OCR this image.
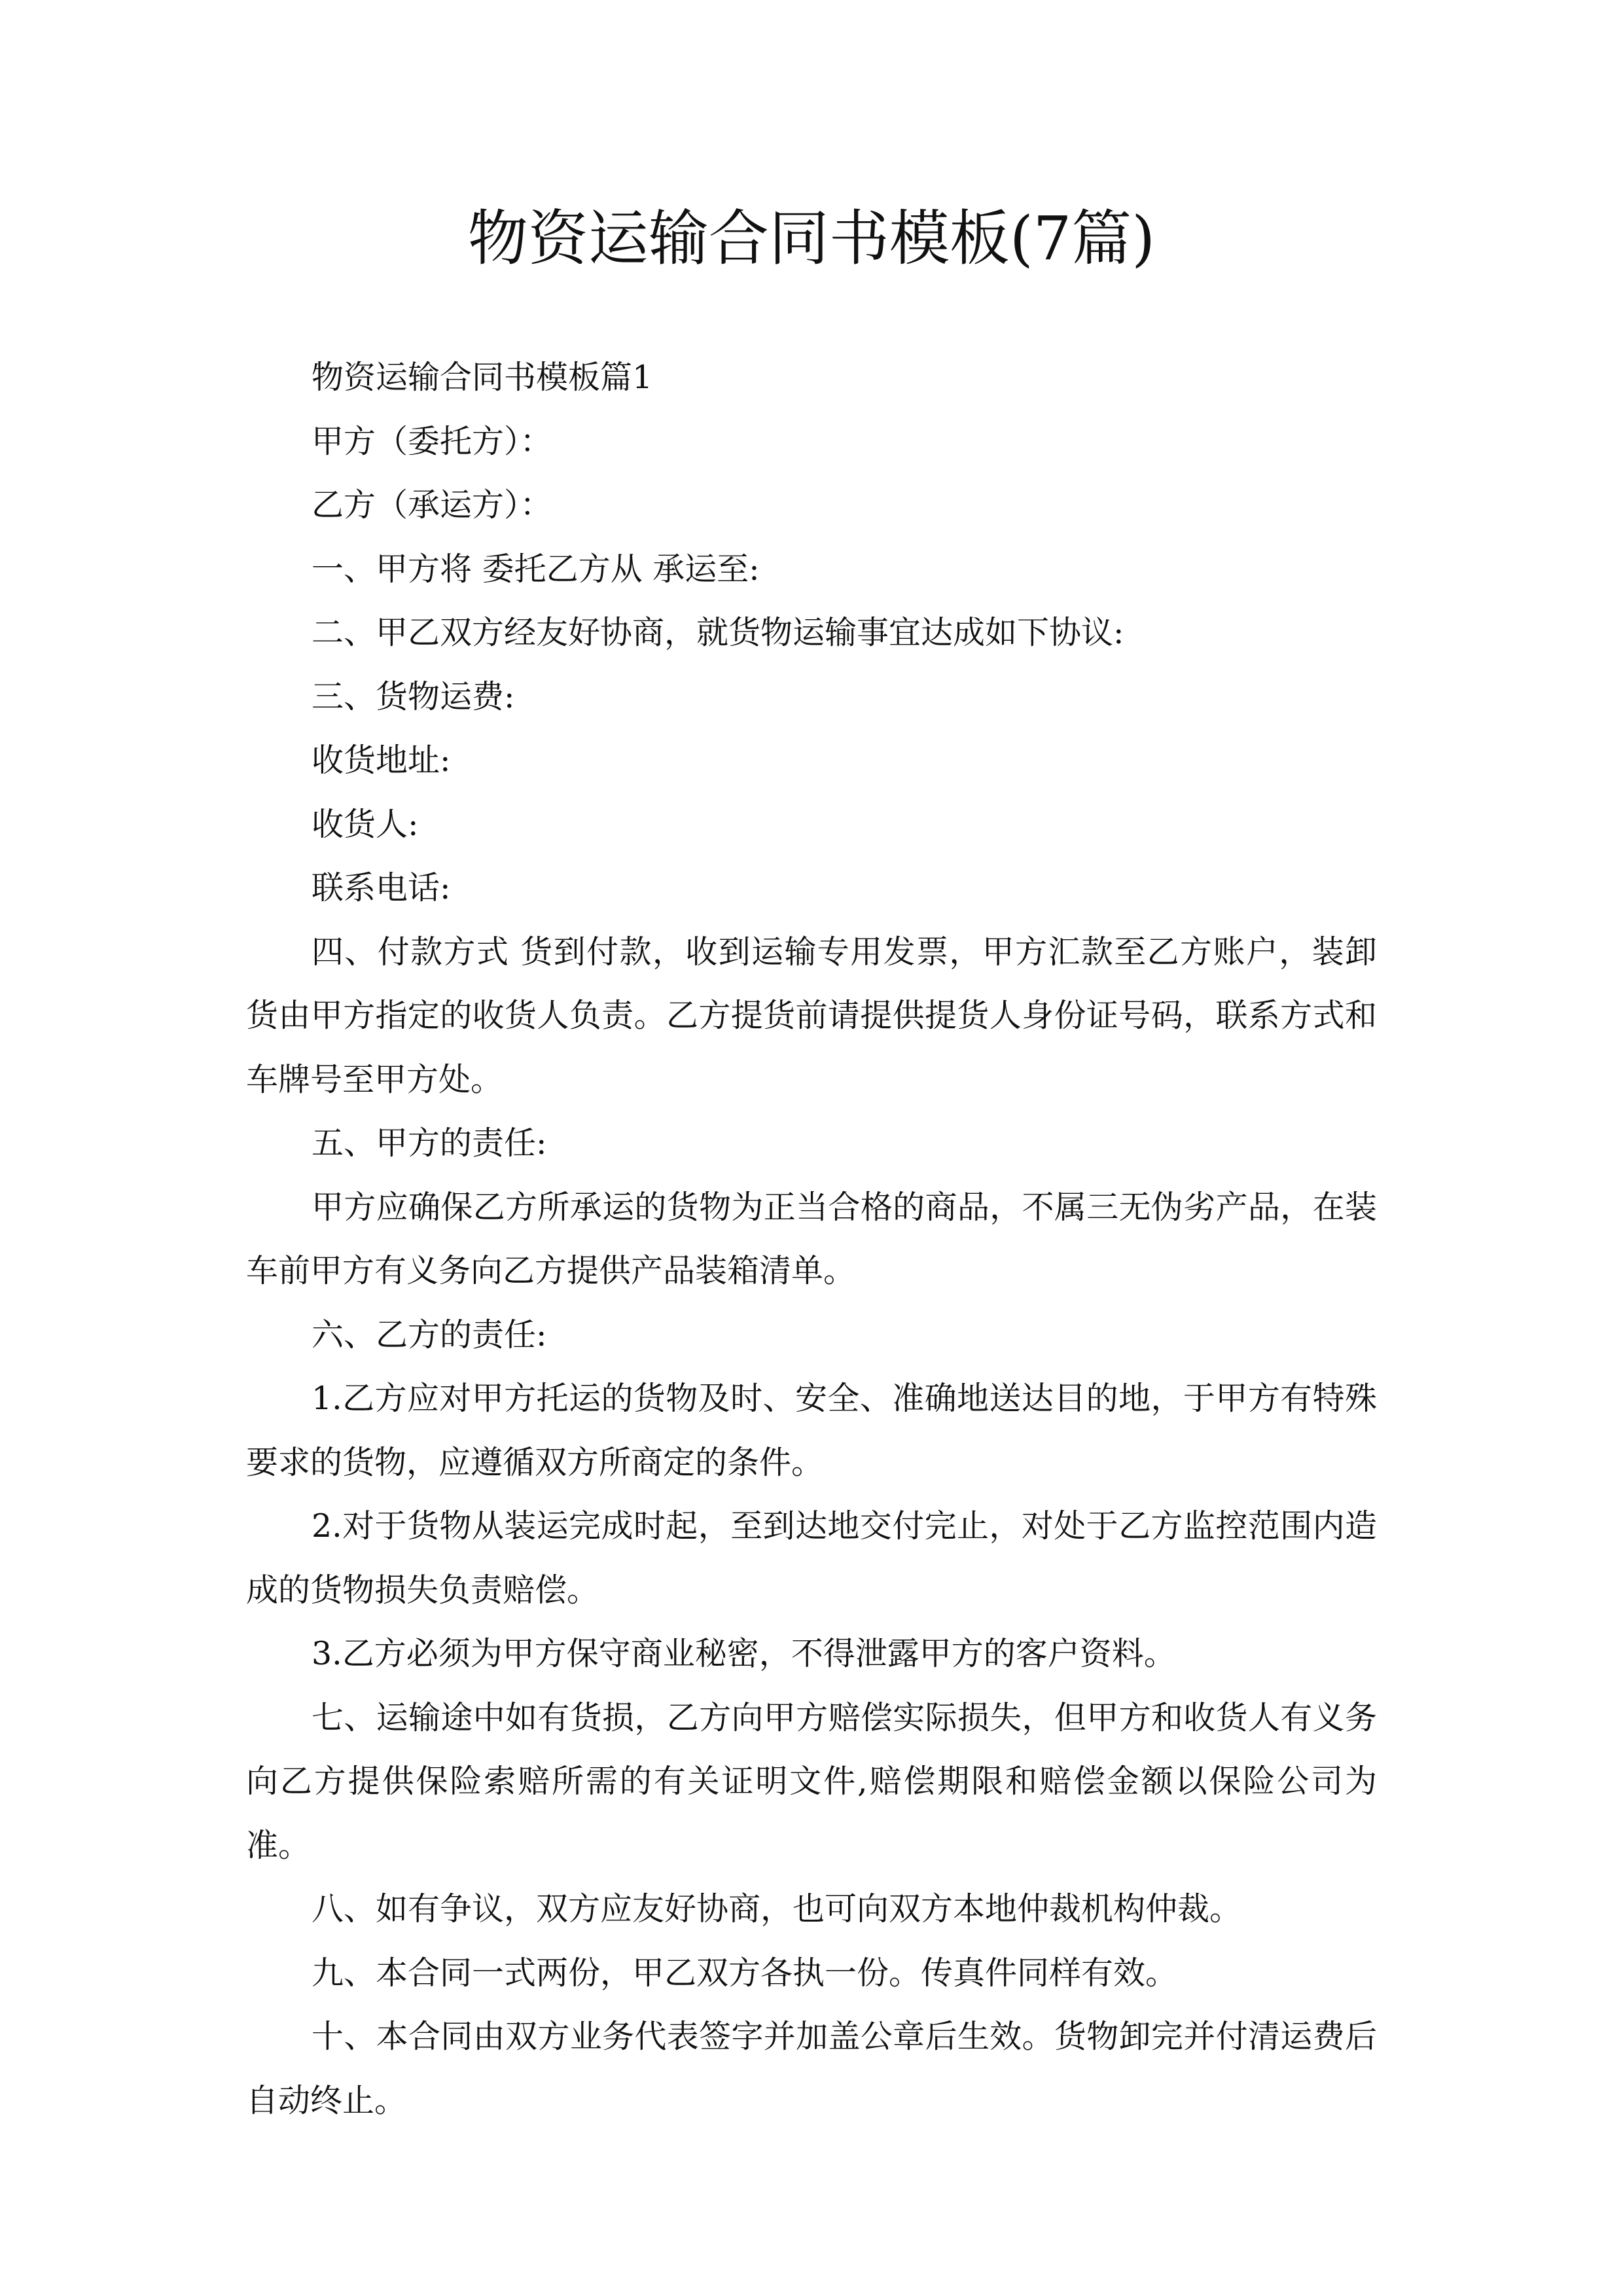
物资运输合同书模板(7篇)

物资运输合同书模板篇1

甲方（委托方）：

乙方（承运方）：

一、甲方将 委托乙方从 承运至:

二、甲乙双方经友好协商，就货物运输事宜达成如下协议:

三、货物运费:

收货地址:

收货人:

联系电话:

四、付款方式 货到付款，收到运输专用发票，甲方汇款至乙方账户，装卸货由甲方指定的收货人负责。乙方提货前请提供提货人身份证号码，联系方式和车牌号至甲方处。

五、甲方的责任:

甲方应确保乙方所承运的货物为正当合格的商品，不属三无伪劣产品，在装车前甲方有义务向乙方提供产品装箱清单。

六、乙方的责任:

1.乙方应对甲方托运的货物及时、安全、准确地送达目的地，于甲方有特殊要求的货物，应遵循双方所商定的条件。

2.对于货物从装运完成时起，至到达地交付完止，对处于乙方监控范围内造成的货物损失负责赔偿。

3.乙方必须为甲方保守商业秘密，不得泄露甲方的客户资料。

七、运输途中如有货损，乙方向甲方赔偿实际损失，但甲方和收货人有义务向乙方提供保险索赔所需的有关证明文件,赔偿期限和赔偿金额以保险公司为准。

八、如有争议，双方应友好协商，也可向双方本地仲裁机构仲裁。

九、本合同一式两份，甲乙双方各执一份。传真件同样有效。

十、本合同由双方业务代表签字并加盖公章后生效。货物卸完并付清运费后自动终止。
